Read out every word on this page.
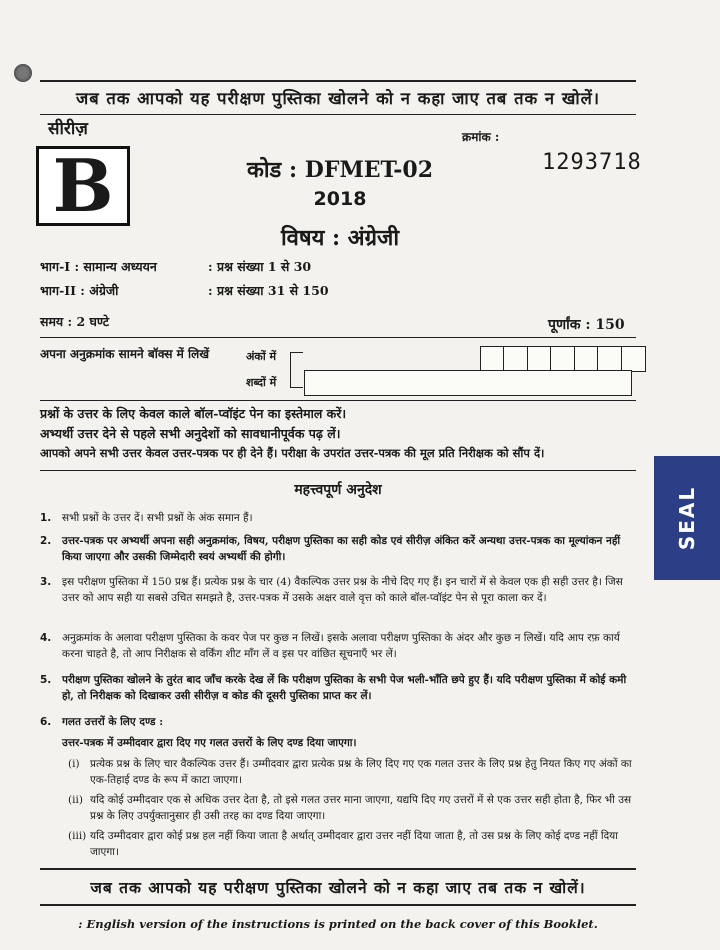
जब तक आपको यह परीक्षण पुस्तिका खोलने को न कहा जाए तब तक न खोलें।
सीरीज़	क्रमांक :
B	कोड : DFMET-02	1293718
2018
विषय : अंग्रेजी
भाग-I : सामान्य अध्ययन	: प्रश्न संख्या 1 से 30
भाग-II : अंग्रेजी	: प्रश्न संख्या 31 से 150
समय : 2 घण्टे	पूर्णांक : 150
अपना अनुक्रमांक सामने बॉक्स में लिखें	अंकों में
शब्दों में
प्रश्नों के उत्तर के लिए केवल काले बॉल-प्वॉइंट पेन का इस्तेमाल करें।
अभ्यर्थी उत्तर देने से पहले सभी अनुदेशों को सावधानीपूर्वक पढ़ लें।
आपको अपने सभी उत्तर केवल उत्तर-पत्रक पर ही देने हैं। परीक्षा के उपरांत उत्तर-पत्रक की मूल प्रति निरीक्षक को सौंप दें।
महत्त्वपूर्ण अनुदेश	SEAL
1. सभी प्रश्नों के उत्तर दें। सभी प्रश्नों के अंक समान हैं।
2. उत्तर-पत्रक पर अभ्यर्थी अपना सही अनुक्रमांक, विषय, परीक्षण पुस्तिका का सही कोड एवं सीरीज़ अंकित करें अन्यथा उत्तर-पत्रक का मूल्यांकन नहीं किया जाएगा और उसकी जिम्मेदारी स्वयं अभ्यर्थी की होगी।
3. इस परीक्षण पुस्तिका में 150 प्रश्न हैं। प्रत्येक प्रश्न के चार (4) वैकल्पिक उत्तर प्रश्न के नीचे दिए गए हैं। इन चारों में से केवल एक ही सही उत्तर है। जिस उत्तर को आप सही या सबसे उचित समझते है, उत्तर-पत्रक में उसके अक्षर वाले वृत्त को काले बॉल-प्वॉइंट पेन से पूरा काला कर दें।
4. अनुक्रमांक के अलावा परीक्षण पुस्तिका के कवर पेज पर कुछ न लिखें। इसके अलावा परीक्षण पुस्तिका के अंदर और कुछ न लिखें। यदि आप रफ़ कार्य करना चाहते है, तो आप निरीक्षक से वर्किंग शीट माँग लें व इस पर वांछित सूचनाएँ भर लें।
5. परीक्षण पुस्तिका खोलने के तुरंत बाद जाँच करके देख लें कि परीक्षण पुस्तिका के सभी पेज भली-भाँति छपे हुए हैं। यदि परीक्षण पुस्तिका में कोई कमी हो, तो निरीक्षक को दिखाकर उसी सीरीज़ व कोड की दूसरी पुस्तिका प्राप्त कर लें।
6. गलत उत्तरों के लिए दण्ड :
उत्तर-पत्रक में उम्मीदवार द्वारा दिए गए गलत उत्तरों के लिए दण्ड दिया जाएगा।
(i) प्रत्येक प्रश्न के लिए चार वैकल्पिक उत्तर हैं। उम्मीदवार द्वारा प्रत्येक प्रश्न के लिए दिए गए एक गलत उत्तर के लिए प्रश्न हेतु नियत किए गए अंकों का एक-तिहाई दण्ड के रूप में काटा जाएगा।
(ii) यदि कोई उम्मीदवार एक से अधिक उत्तर देता है, तो इसे गलत उत्तर माना जाएगा, यद्यपि दिए गए उत्तरों में से एक उत्तर सही होता है, फिर भी उस प्रश्न के लिए उपर्युक्तानुसार ही उसी तरह का दण्ड दिया जाएगा।
(iii) यदि उम्मीदवार द्वारा कोई प्रश्न हल नहीं किया जाता है अर्थात् उम्मीदवार द्वारा उत्तर नहीं दिया जाता है, तो उस प्रश्न के लिए कोई दण्ड नहीं दिया जाएगा।
जब तक आपको यह परीक्षण पुस्तिका खोलने को न कहा जाए तब तक न खोलें।
: English version of the instructions is printed on the back cover of this Booklet.
